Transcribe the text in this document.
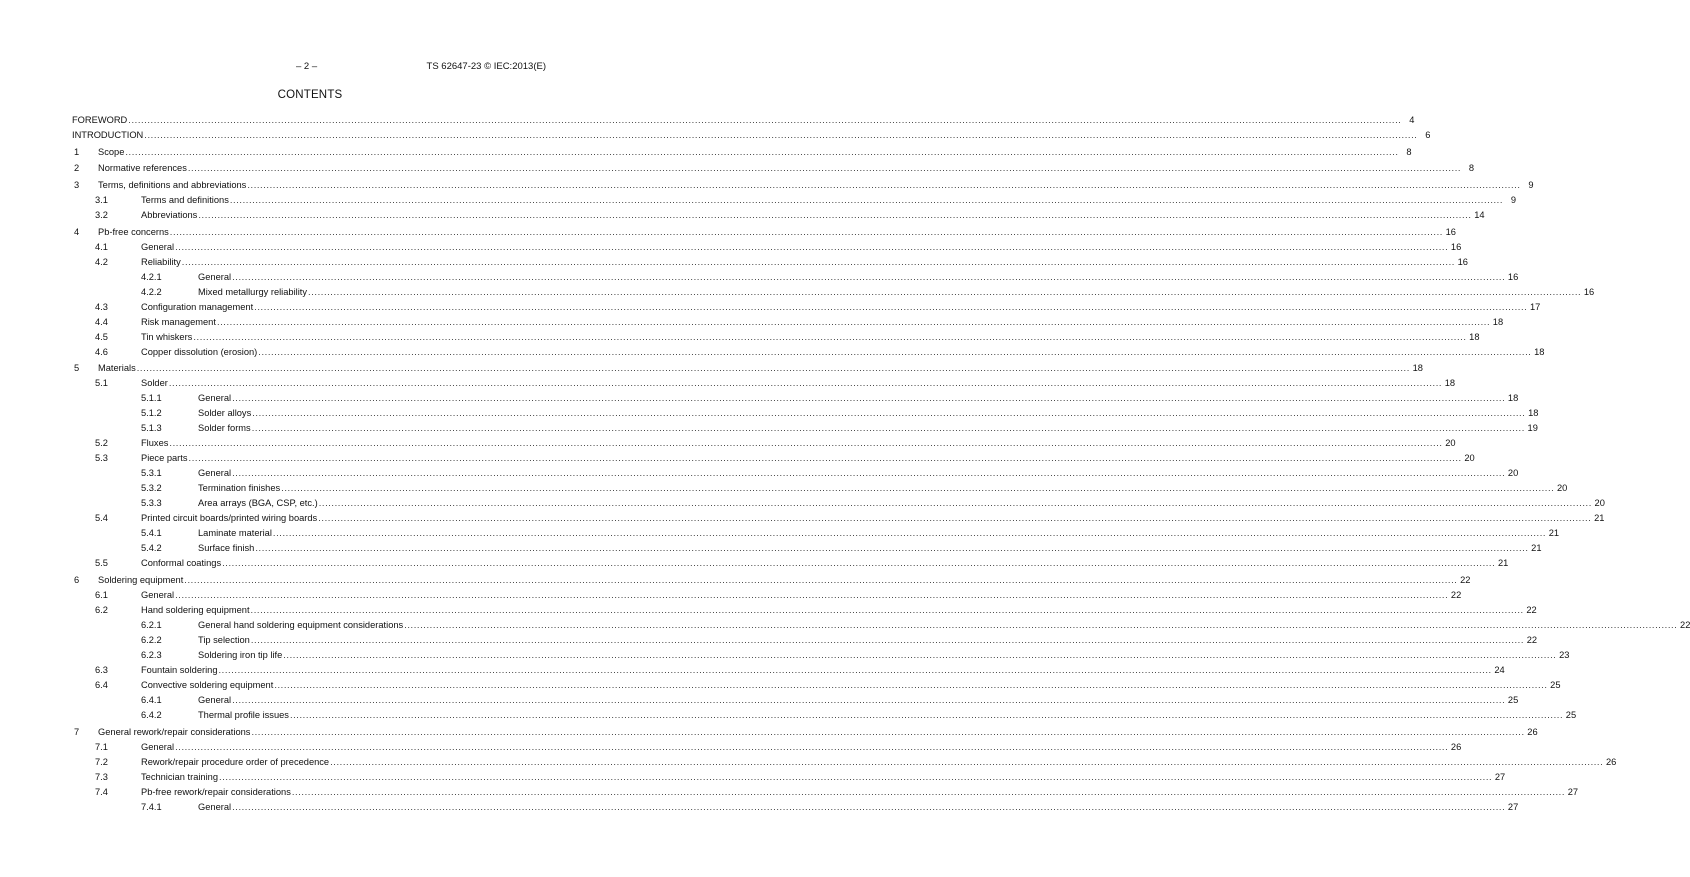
– 2 –	TS 62647-23 © IEC:2013(E)
CONTENTS
FOREWORD ................................................................................................................................................................................................................................................................................................................................................................................................................ 4
INTRODUCTION ................................................................................................................................................................................................................................................................................................................................................................................................................ 6
1 Scope ................................................................................................................................................................................................................................................................................................................................................................................................................ 8
2 Normative references ................................................................................................................................................................................................................................................................................................................................................................................................................ 8
3 Terms, definitions and abbreviations ................................................................................................................................................................................................................................................................................................................................................................................................................ 9
3.1	Terms and definitions ................................................................................................................................................................................................................................................................................................................................................................................................................ 9
3.2	Abbreviations ................................................................................................................................................................................................................................................................................................................................................................................................................ 14
4 Pb-free concerns ................................................................................................................................................................................................................................................................................................................................................................................................................ 16
4.1	General ................................................................................................................................................................................................................................................................................................................................................................................................................ 16
4.2	Reliability ................................................................................................................................................................................................................................................................................................................................................................................................................ 16
4.2.1	General ................................................................................................................................................................................................................................................................................................................................................................................................................ 16
4.2.2	Mixed metallurgy reliability ................................................................................................................................................................................................................................................................................................................................................................................................................ 16
4.3	Configuration management ................................................................................................................................................................................................................................................................................................................................................................................................................ 17
4.4	Risk management ................................................................................................................................................................................................................................................................................................................................................................................................................ 18
4.5	Tin whiskers ................................................................................................................................................................................................................................................................................................................................................................................................................ 18
4.6	Copper dissolution (erosion) ................................................................................................................................................................................................................................................................................................................................................................................................................ 18
5 Materials ................................................................................................................................................................................................................................................................................................................................................................................................................ 18
5.1	Solder ................................................................................................................................................................................................................................................................................................................................................................................................................ 18
5.1.1	General ................................................................................................................................................................................................................................................................................................................................................................................................................ 18
5.1.2	Solder alloys ................................................................................................................................................................................................................................................................................................................................................................................................................ 18
5.1.3	Solder forms ................................................................................................................................................................................................................................................................................................................................................................................................................ 19
5.2	Fluxes ................................................................................................................................................................................................................................................................................................................................................................................................................ 20
5.3	Piece parts ................................................................................................................................................................................................................................................................................................................................................................................................................ 20
5.3.1	General ................................................................................................................................................................................................................................................................................................................................................................................................................ 20
5.3.2	Termination finishes ................................................................................................................................................................................................................................................................................................................................................................................................................ 20
5.3.3	Area arrays (BGA, CSP, etc.) ................................................................................................................................................................................................................................................................................................................................................................................................................ 20
5.4	Printed circuit boards/printed wiring boards ................................................................................................................................................................................................................................................................................................................................................................................................................ 21
5.4.1	Laminate material ................................................................................................................................................................................................................................................................................................................................................................................................................ 21
5.4.2	Surface finish ................................................................................................................................................................................................................................................................................................................................................................................................................ 21
5.5	Conformal coatings ................................................................................................................................................................................................................................................................................................................................................................................................................ 21
6 Soldering equipment ................................................................................................................................................................................................................................................................................................................................................................................................................ 22
6.1	General ................................................................................................................................................................................................................................................................................................................................................................................................................ 22
6.2	Hand soldering equipment ................................................................................................................................................................................................................................................................................................................................................................................................................ 22
6.2.1	General hand soldering equipment considerations ................................................................................................................................................................................................................................................................................................................................................................................................................ 22
6.2.2	Tip selection ................................................................................................................................................................................................................................................................................................................................................................................................................ 22
6.2.3	Soldering iron tip life ................................................................................................................................................................................................................................................................................................................................................................................................................ 23
6.3	Fountain soldering ................................................................................................................................................................................................................................................................................................................................................................................................................ 24
6.4	Convective soldering equipment ................................................................................................................................................................................................................................................................................................................................................................................................................ 25
6.4.1	General ................................................................................................................................................................................................................................................................................................................................................................................................................ 25
6.4.2	Thermal profile issues ................................................................................................................................................................................................................................................................................................................................................................................................................ 25
7 General rework/repair considerations ................................................................................................................................................................................................................................................................................................................................................................................................................ 26
7.1	General ................................................................................................................................................................................................................................................................................................................................................................................................................ 26
7.2	Rework/repair procedure order of precedence ................................................................................................................................................................................................................................................................................................................................................................................................................ 26
7.3	Technician training ................................................................................................................................................................................................................................................................................................................................................................................................................ 27
7.4	Pb-free rework/repair considerations ................................................................................................................................................................................................................................................................................................................................................................................................................ 27
7.4.1	General ................................................................................................................................................................................................................................................................................................................................................................................................................ 27
